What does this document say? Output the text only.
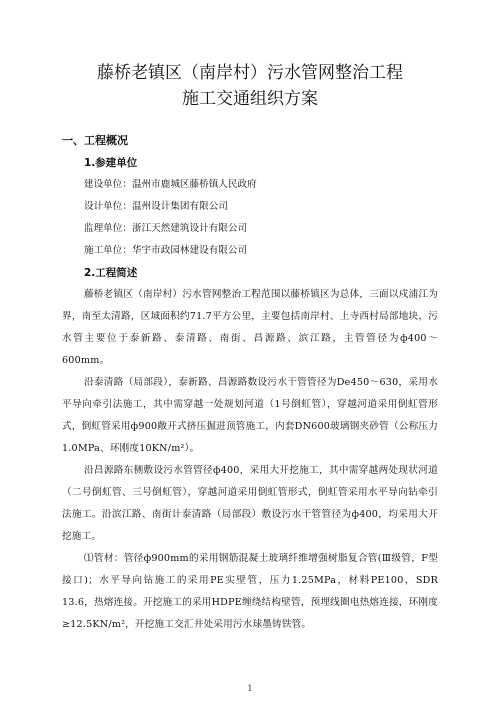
藤桥老镇区（南岸村）污水管网整治工程
施工交通组织方案

一、工程概况

1.参建单位

建设单位：温州市鹿城区藤桥镇人民政府

设计单位：温州设计集团有限公司

监理单位：浙江天然建筑设计有限公司

施工单位：华宇市政园林建设有限公司

2.工程简述

藤桥老镇区（南岸村）污水管网整治工程范围以藤桥镇区为总体，三面以戍浦江为界，南至太清路，区域面积约71.7平方公里，主要包括南岸村、上寺西村局部地块，污水管主要位于泰新路、泰清路、南街、昌源路、滨江路，主管管径为ф400～600mm。

沿泰清路（局部段），泰新路、昌源路数设污水干管管径为De450～630，采用水平导向牵引法施工，其中需穿越一处规划河道（1号倒虹管），穿越河道采用倒虹管形式，倒虹管采用ф900敞开式挤压掘进顶管施工，内套DN600玻璃钢夹砂管（公称压力1.0MPa、环刚度10KN/m²）。

沿昌源路东侧敷设污水管管径ф400，采用大开挖施工，其中需穿越两处现状河道（二号倒虹管、三号倒虹管），穿越河道采用倒虹管形式，倒虹管采用水平导向钻牵引法施工。沿滨江路、南街计泰清路（局部段）敷设污水干管管径为ф400，均采用大开挖施工。

⑴管材：管径ф900mm的采用钢筋混凝土玻璃纤维增强树脂复合管(Ⅲ级管，F型接口)；水平导向钻施工的采用PE实壁管，压力1.25MPa，材料PE100，SDR 13.6，热熔连接。开挖施工的采用HDPE缠绕结构壁管，预埋线圈电热熔连接，环刚度≥12.5KN/m²，开挖施工交汇井处采用污水球墨铸铁管。

1
